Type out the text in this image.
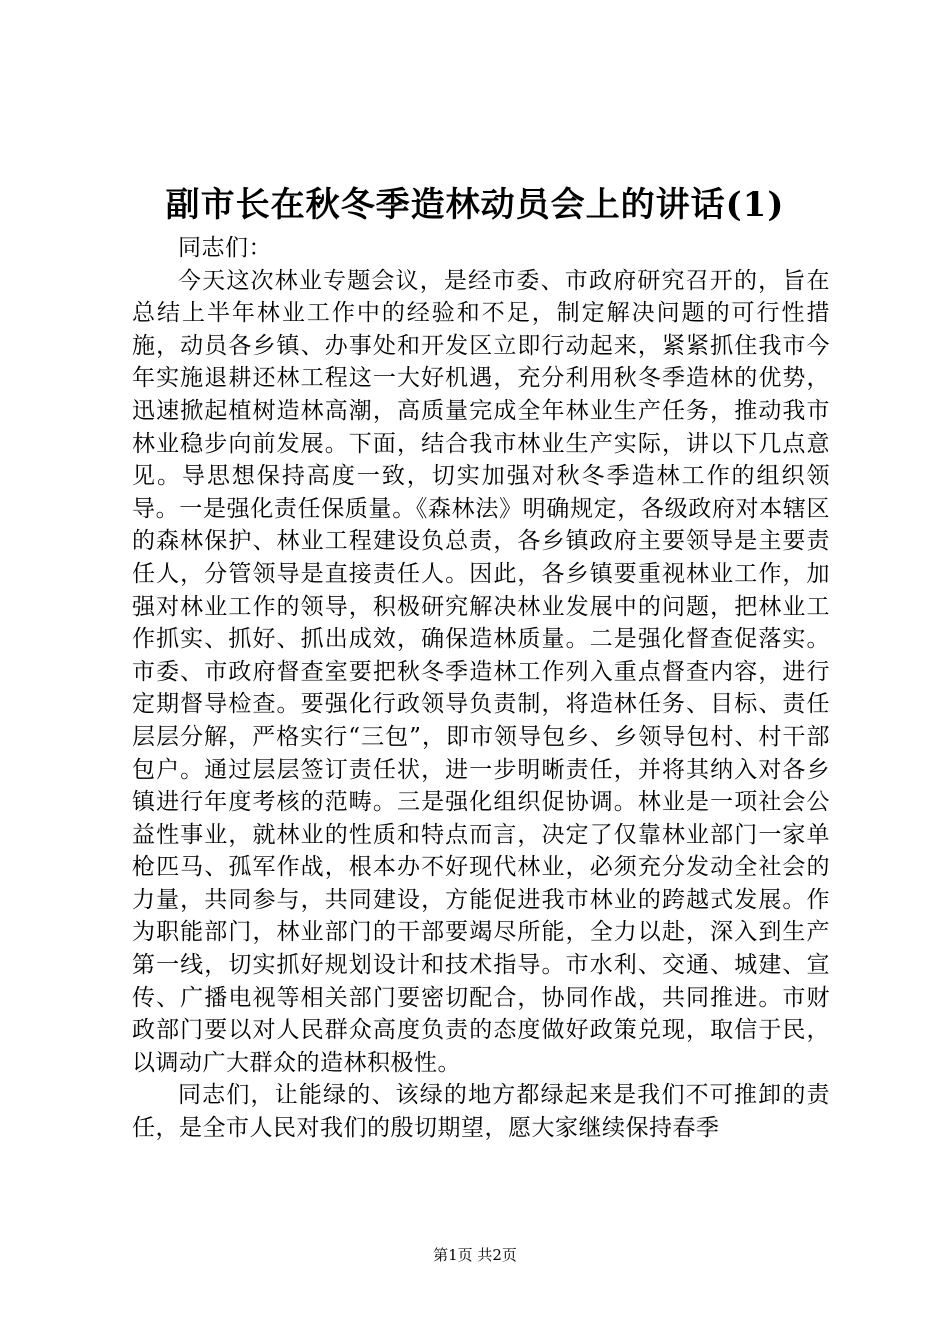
副市长在秋冬季造林动员会上的讲话(1)

同志们：

今天这次林业专题会议，是经市委、市政府研究召开的，旨在总结上半年林业工作中的经验和不足，制定解决问题的可行性措施，动员各乡镇、办事处和开发区立即行动起来，紧紧抓住我市今年实施退耕还林工程这一大好机遇，充分利用秋冬季造林的优势，迅速掀起植树造林高潮，高质量完成全年林业生产任务，推动我市林业稳步向前发展。下面，结合我市林业生产实际，讲以下几点意见。导思想保持高度一致，切实加强对秋冬季造林工作的组织领导。一是强化责任保质量。《森林法》明确规定，各级政府对本辖区的森林保护、林业工程建设负总责，各乡镇政府主要领导是主要责任人，分管领导是直接责任人。因此，各乡镇要重视林业工作，加强对林业工作的领导，积极研究解决林业发展中的问题，把林业工作抓实、抓好、抓出成效，确保造林质量。二是强化督查促落实。市委、市政府督查室要把秋冬季造林工作列入重点督查内容，进行定期督导检查。要强化行政领导负责制，将造林任务、目标、责任层层分解，严格实行“三包”，即市领导包乡、乡领导包村、村干部包户。通过层层签订责任状，进一步明晰责任，并将其纳入对各乡镇进行年度考核的范畴。三是强化组织促协调。林业是一项社会公益性事业，就林业的性质和特点而言，决定了仅靠林业部门一家单枪匹马、孤军作战，根本办不好现代林业，必须充分发动全社会的力量，共同参与，共同建设，方能促进我市林业的跨越式发展。作为职能部门，林业部门的干部要竭尽所能，全力以赴，深入到生产第一线，切实抓好规划设计和技术指导。市水利、交通、城建、宣传、广播电视等相关部门要密切配合，协同作战，共同推进。市财政部门要以对人民群众高度负责的态度做好政策兑现，取信于民，以调动广大群众的造林积极性。

同志们，让能绿的、该绿的地方都绿起来是我们不可推卸的责任，是全市人民对我们的殷切期望，愿大家继续保持春季

第1页 共2页
